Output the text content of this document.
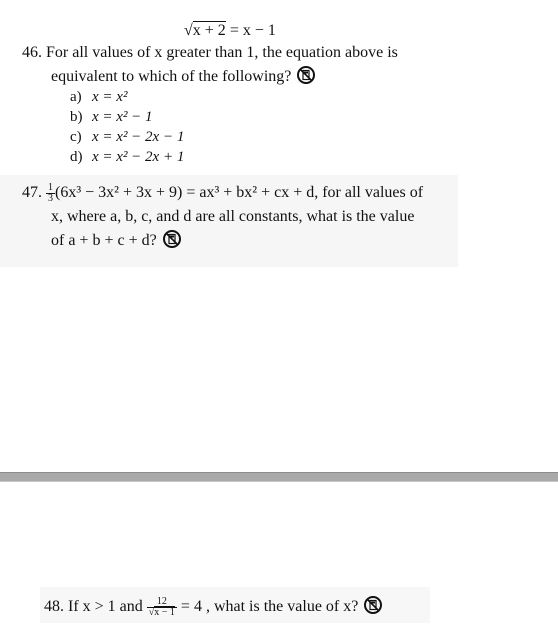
√x + 2 = x − 1
46. For all values of x greater than 1, the equation above is
equivalent to which of the following?
a) x = x²
b) x = x² − 1
c) x = x² − 2x − 1
d) x = x² − 2x + 1
47. $\frac{1}{3} (6x^3 - 3x^2 + 3x + 9) = ax^3 + bx^2$ + cx + d, for all values of
x, where a, b, c, and d are all constants, what is the value
of a + b + c + d?
48. If x > 1 and $\frac{12}{√x - 1} = 4$ , what is the value of x?
